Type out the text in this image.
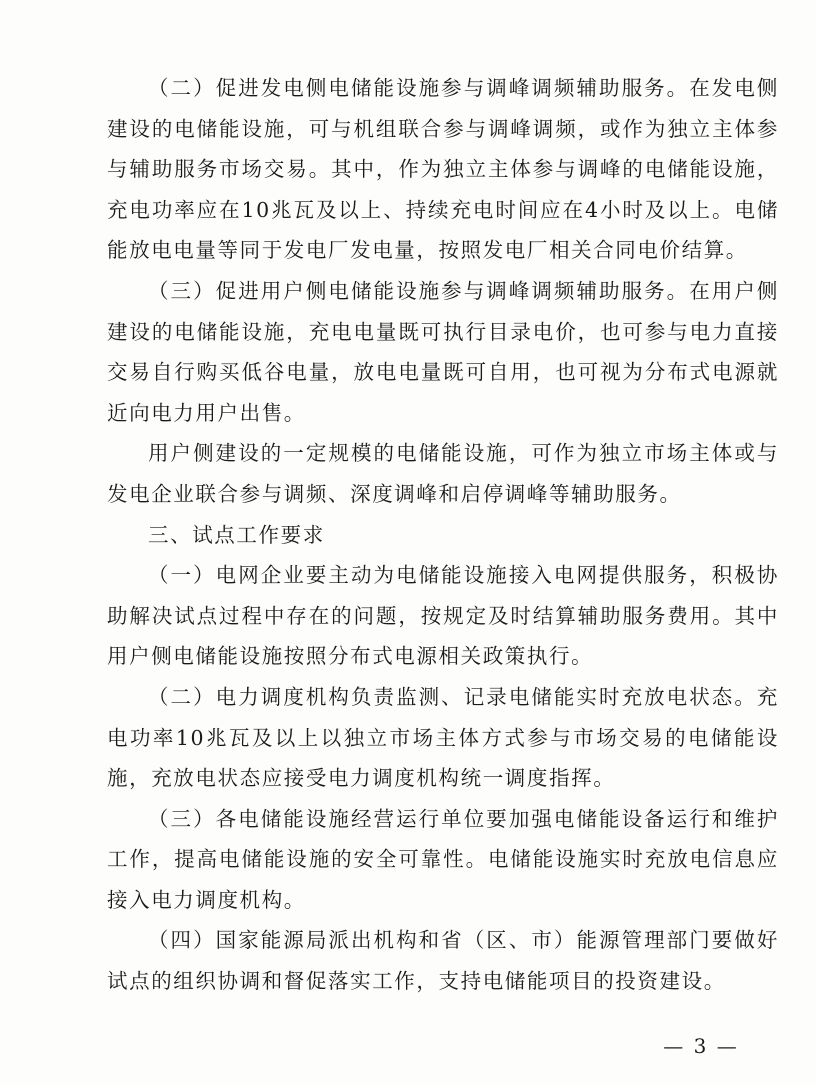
（二）促进发电侧电储能设施参与调峰调频辅助服务。在发电侧建设的电储能设施，可与机组联合参与调峰调频，或作为独立主体参与辅助服务市场交易。其中，作为独立主体参与调峰的电储能设施，充电功率应在10兆瓦及以上、持续充电时间应在4小时及以上。电储能放电电量等同于发电厂发电量，按照发电厂相关合同电价结算。

（三）促进用户侧电储能设施参与调峰调频辅助服务。在用户侧建设的电储能设施，充电电量既可执行目录电价，也可参与电力直接交易自行购买低谷电量，放电电量既可自用，也可视为分布式电源就近向电力用户出售。

用户侧建设的一定规模的电储能设施，可作为独立市场主体或与发电企业联合参与调频、深度调峰和启停调峰等辅助服务。

三、试点工作要求

（一）电网企业要主动为电储能设施接入电网提供服务，积极协助解决试点过程中存在的问题，按规定及时结算辅助服务费用。其中用户侧电储能设施按照分布式电源相关政策执行。

（二）电力调度机构负责监测、记录电储能实时充放电状态。充电功率10兆瓦及以上以独立市场主体方式参与市场交易的电储能设施，充放电状态应接受电力调度机构统一调度指挥。

（三）各电储能设施经营运行单位要加强电储能设备运行和维护工作，提高电储能设施的安全可靠性。电储能设施实时充放电信息应接入电力调度机构。

（四）国家能源局派出机构和省（区、市）能源管理部门要做好试点的组织协调和督促落实工作，支持电储能项目的投资建设。

— 3 —
